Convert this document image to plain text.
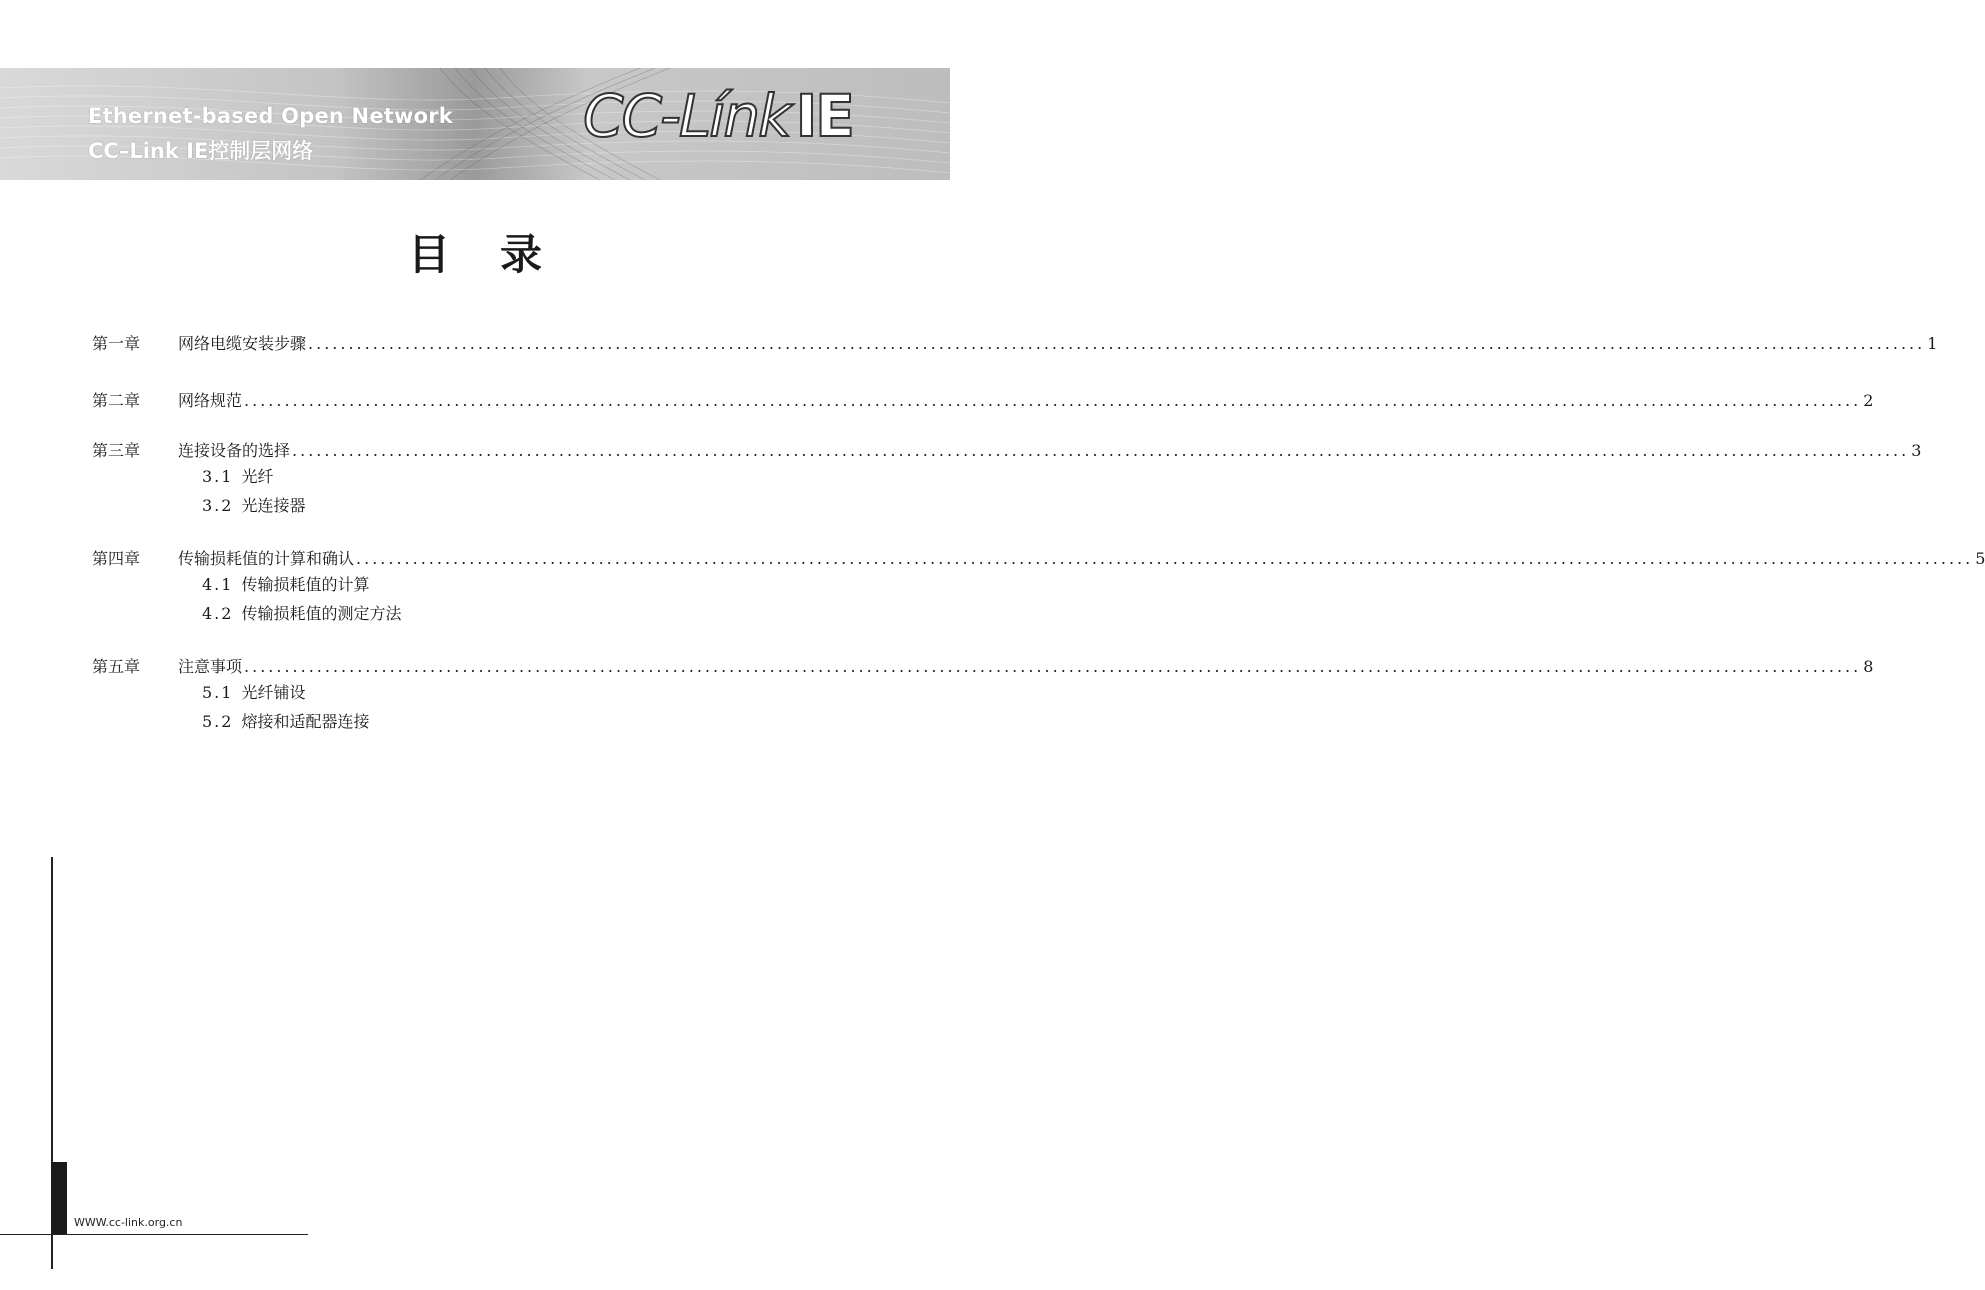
Ethernet-based Open Network
CC–Link IE控制层网络
CC-Línk IE
目录
第一章	网络电缆安装步骤 ........................................................................................................................................................................................................ 1
第二章	网络规范 ........................................................................................................................................................................................................ 2
第三章	连接设备的选择 ........................................................................................................................................................................................................ 3
3.1 光纤
3.2 光连接器
第四章	传输损耗值的计算和确认 ........................................................................................................................................................................................................ 5
4.1 传输损耗值的计算
4.2 传输损耗值的测定方法
第五章	注意事项 ........................................................................................................................................................................................................ 8
5.1 光纤铺设
5.2 熔接和适配器连接
WWW.cc-link.org.cn
